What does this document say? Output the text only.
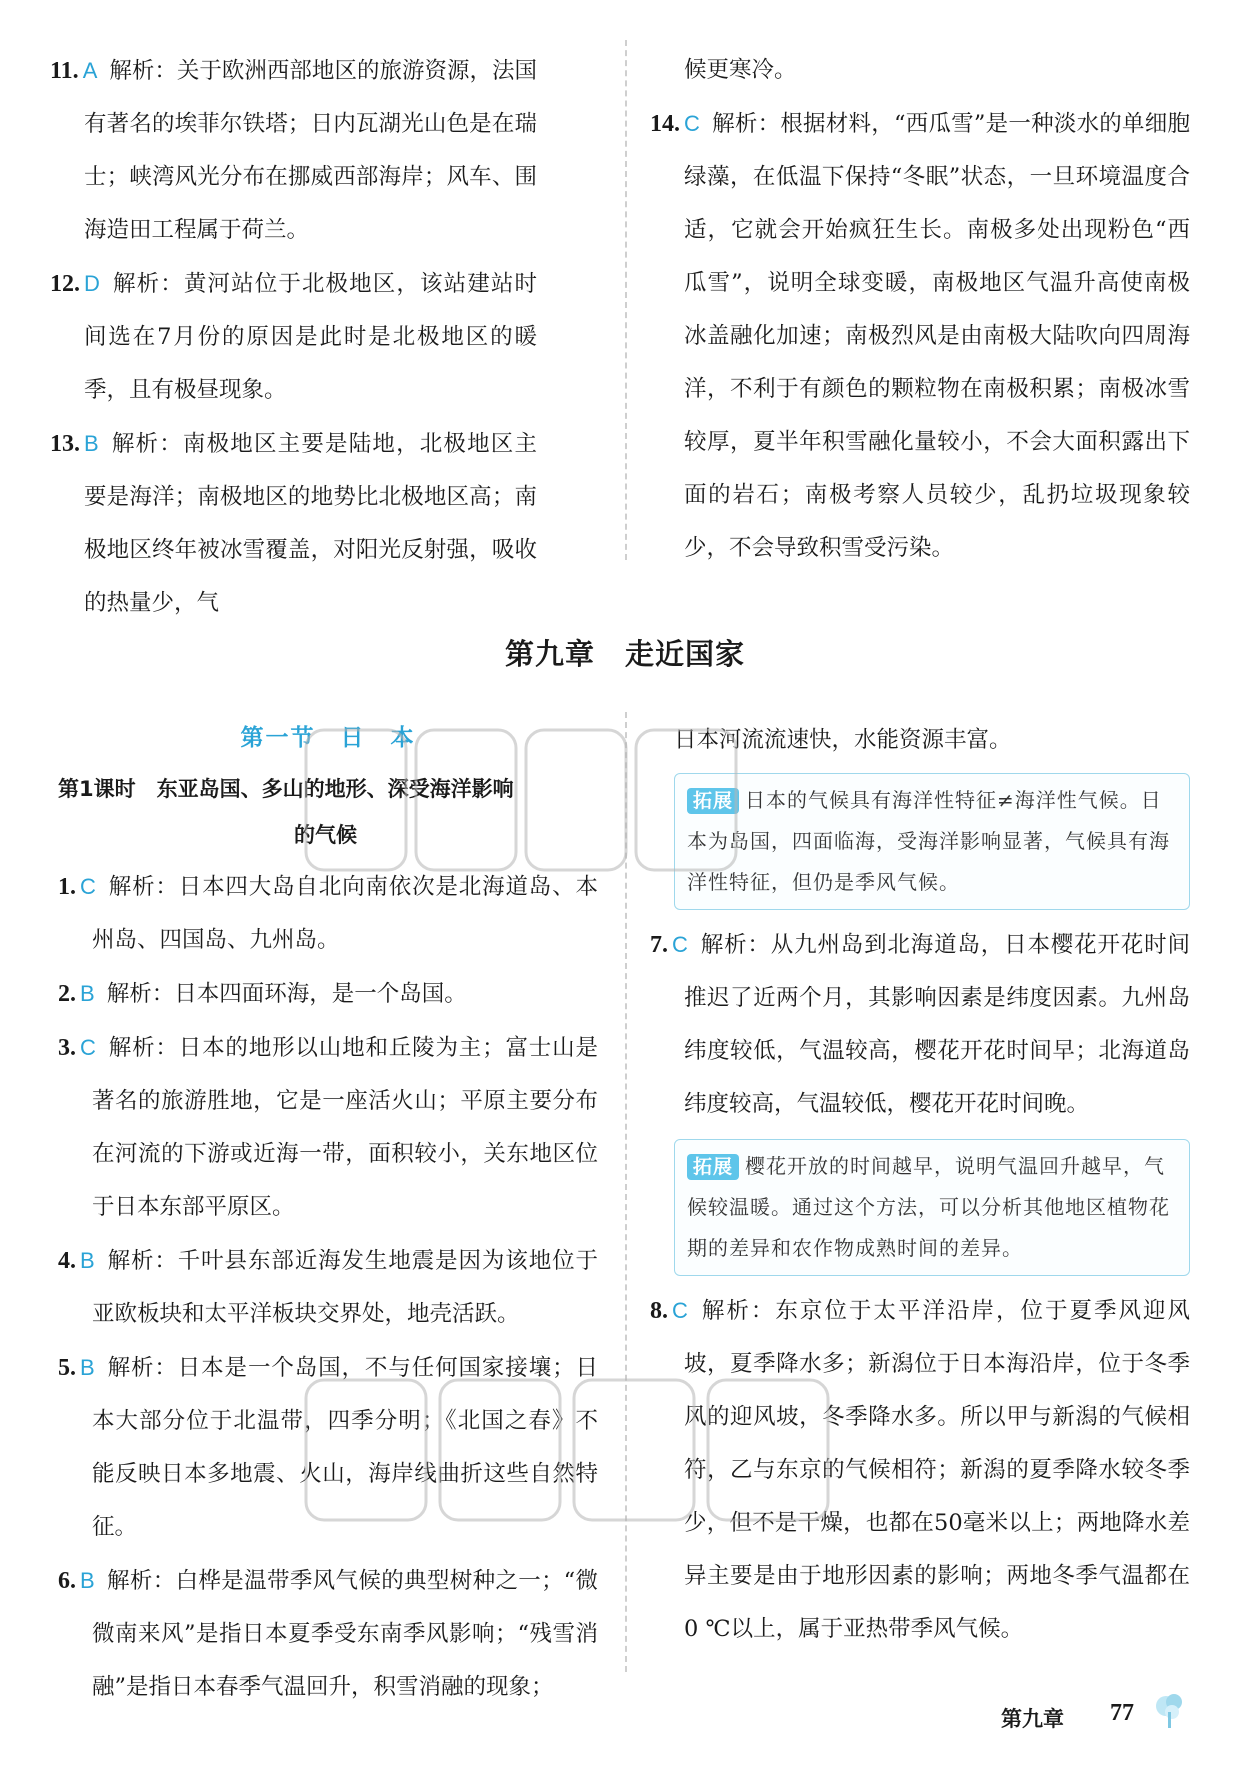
11. A 解析：关于欧洲西部地区的旅游资源，法国有著名的埃菲尔铁塔；日内瓦湖光山色是在瑞士；峡湾风光分布在挪威西部海岸；风车、围海造田工程属于荷兰。

12. D 解析：黄河站位于北极地区，该站建站时间选在7月份的原因是此时是北极地区的暖季，且有极昼现象。

13. B 解析：南极地区主要是陆地，北极地区主要是海洋；南极地区的地势比北极地区高；南极地区终年被冰雪覆盖，对阳光反射强，吸收的热量少，气

候更寒冷。

14. C 解析：根据材料，“西瓜雪”是一种淡水的单细胞绿藻，在低温下保持“冬眠”状态，一旦环境温度合适，它就会开始疯狂生长。南极多处出现粉色“西瓜雪”，说明全球变暖，南极地区气温升高使南极冰盖融化加速；南极烈风是由南极大陆吹向四周海洋，不利于有颜色的颗粒物在南极积累；南极冰雪较厚，夏半年积雪融化量较小，不会大面积露出下面的岩石；南极考察人员较少，乱扔垃圾现象较少，不会导致积雪受污染。

第九章　走近国家

第一节　日　本

第1课时　东亚岛国、多山的地形、深受海洋影响

的气候

1. C 解析：日本四大岛自北向南依次是北海道岛、本州岛、四国岛、九州岛。

2. B 解析：日本四面环海，是一个岛国。

3. C 解析：日本的地形以山地和丘陵为主；富士山是著名的旅游胜地，它是一座活火山；平原主要分布在河流的下游或近海一带，面积较小，关东地区位于日本东部平原区。

4. B 解析：千叶县东部近海发生地震是因为该地位于亚欧板块和太平洋板块交界处，地壳活跃。

5. B 解析：日本是一个岛国，不与任何国家接壤；日本大部分位于北温带，四季分明；《北国之春》不能反映日本多地震、火山，海岸线曲折这些自然特征。

6. B 解析：白桦是温带季风气候的典型树种之一；“微微南来风”是指日本夏季受东南季风影响；“残雪消融”是指日本春季气温回升，积雪消融的现象；

日本河流流速快，水能资源丰富。

拓展 日本的气候具有海洋性特征≠海洋性气候。日本为岛国，四面临海，受海洋影响显著，气候具有海洋性特征，但仍是季风气候。

7. C 解析：从九州岛到北海道岛，日本樱花开花时间推迟了近两个月，其影响因素是纬度因素。九州岛纬度较低，气温较高，樱花开花时间早；北海道岛纬度较高，气温较低，樱花开花时间晚。

拓展 樱花开放的时间越早，说明气温回升越早，气候较温暖。通过这个方法，可以分析其他地区植物花期的差异和农作物成熟时间的差异。

8. C 解析：东京位于太平洋沿岸，位于夏季风迎风坡，夏季降水多；新潟位于日本海沿岸，位于冬季风的迎风坡，冬季降水多。所以甲与新潟的气候相符，乙与东京的气候相符；新潟的夏季降水较冬季少，但不是干燥，也都在50毫米以上；两地降水差异主要是由于地形因素的影响；两地冬季气温都在0 ℃以上，属于亚热带季风气候。

第九章 77
